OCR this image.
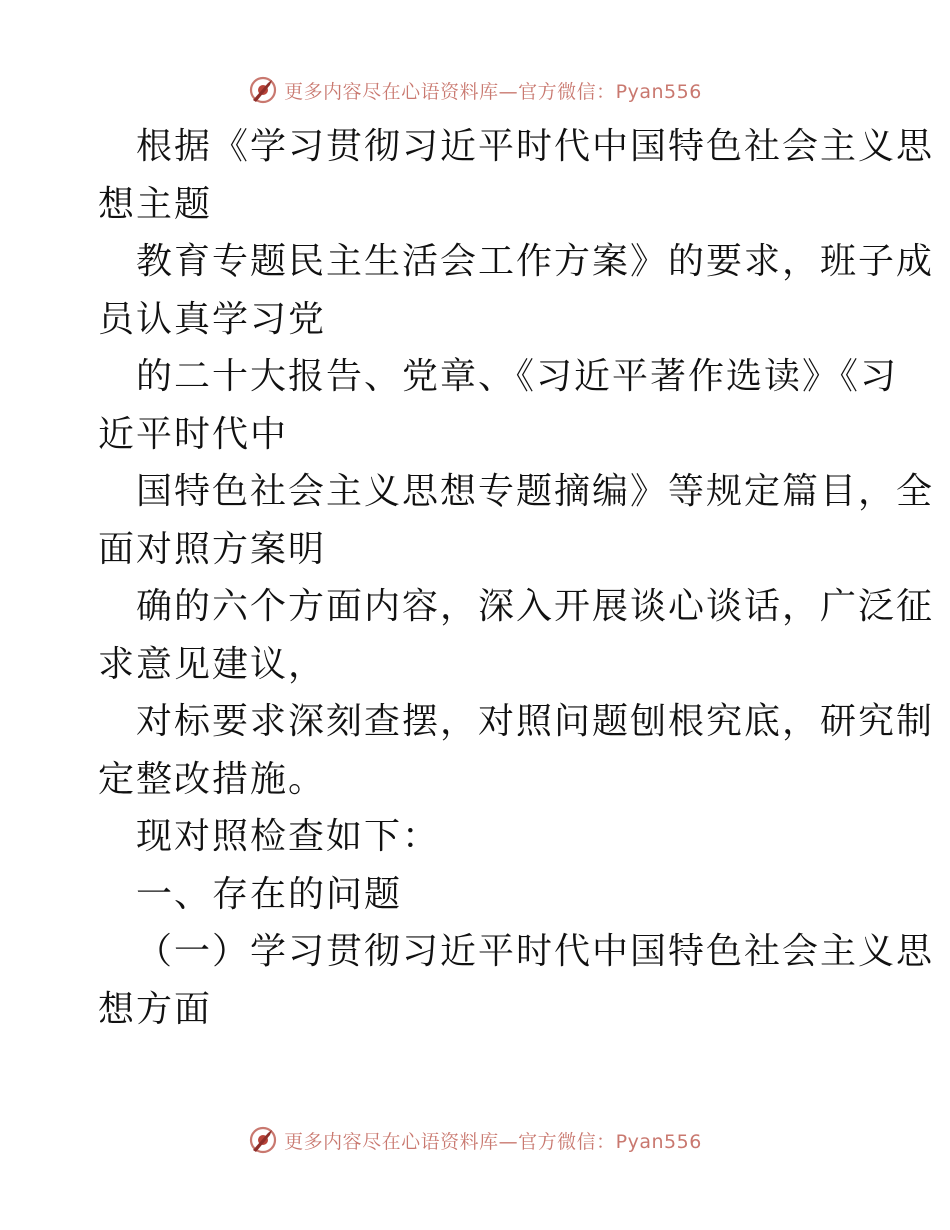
更多内容尽在心语资料库—官方微信：Pyan556
根据《学习贯彻习近平时代中国特色社会主义思
想主题
教育专题民主生活会工作方案》的要求，班子成
员认真学习党
的二十大报告、党章、《习近平著作选读》《习
近平时代中
国特色社会主义思想专题摘编》等规定篇目，全
面对照方案明
确的六个方面内容，深入开展谈心谈话，广泛征
求意见建议，
对标要求深刻查摆，对照问题刨根究底，研究制
定整改措施。
现对照检查如下：
一、存在的问题
（一）学习贯彻习近平时代中国特色社会主义思
想方面
更多内容尽在心语资料库—官方微信：Pyan556
